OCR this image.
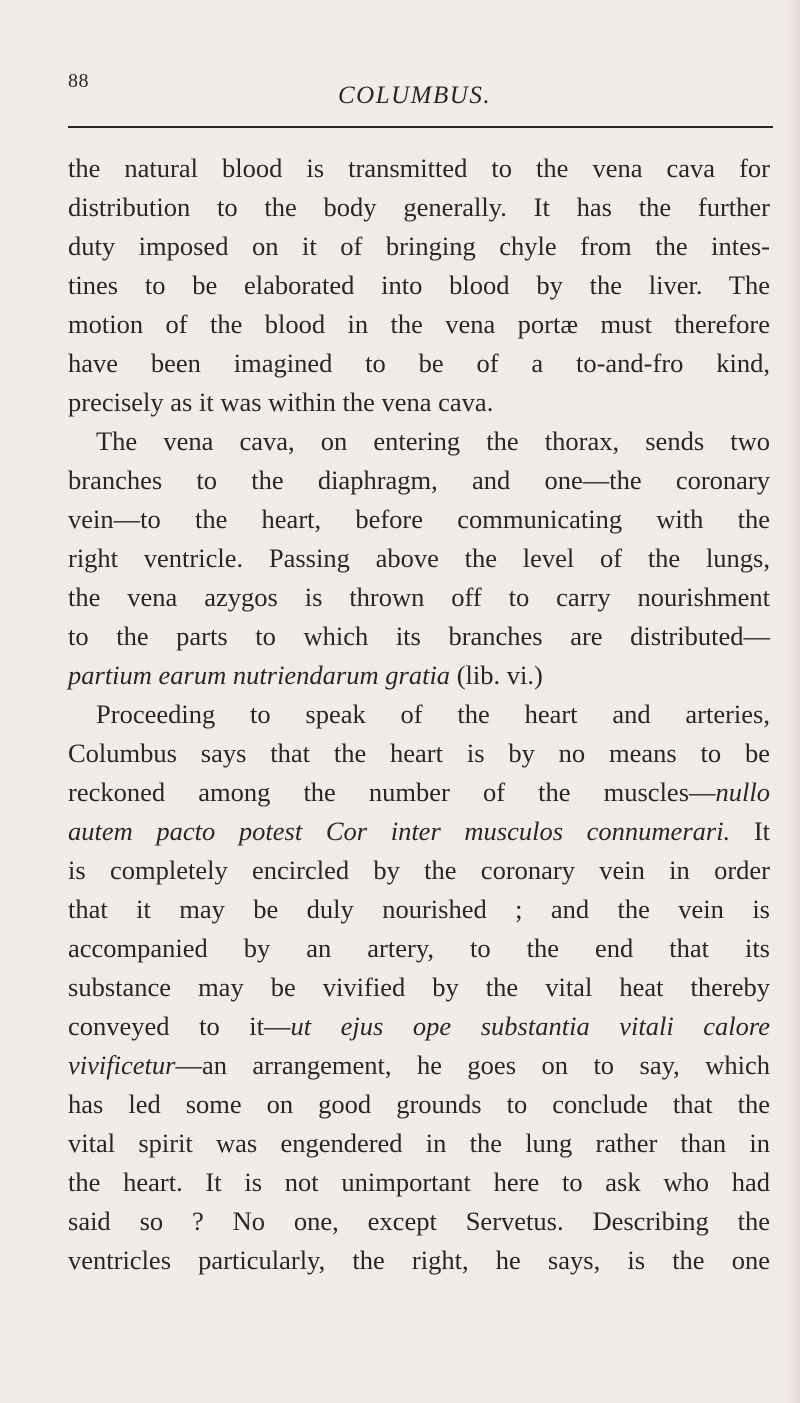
88
COLUMBUS.
the natural blood is transmitted to the vena cava for
distribution to the body generally. It has the further
duty imposed on it of bringing chyle from the intes-
tines to be elaborated into blood by the liver. The
motion of the blood in the vena portæ must therefore
have been imagined to be of a to-and-fro kind,
precisely as it was within the vena cava.
The vena cava, on entering the thorax, sends two
branches to the diaphragm, and one—the coronary
vein—to the heart, before communicating with the
right ventricle. Passing above the level of the lungs,
the vena azygos is thrown off to carry nourishment
to the parts to which its branches are distributed—
partium earum nutriendarum gratia (lib. vi.)
Proceeding to speak of the heart and arteries,
Columbus says that the heart is by no means to be
reckoned among the number of the muscles—nullo
autem pacto potest Cor inter musculos connumerari. It
is completely encircled by the coronary vein in order
that it may be duly nourished ; and the vein is
accompanied by an artery, to the end that its
substance may be vivified by the vital heat thereby
conveyed to it—ut ejus ope substantia vitali calore
vivificetur—an arrangement, he goes on to say, which
has led some on good grounds to conclude that the
vital spirit was engendered in the lung rather than in
the heart. It is not unimportant here to ask who had
said so ? No one, except Servetus. Describing the
ventricles particularly, the right, he says, is the one
